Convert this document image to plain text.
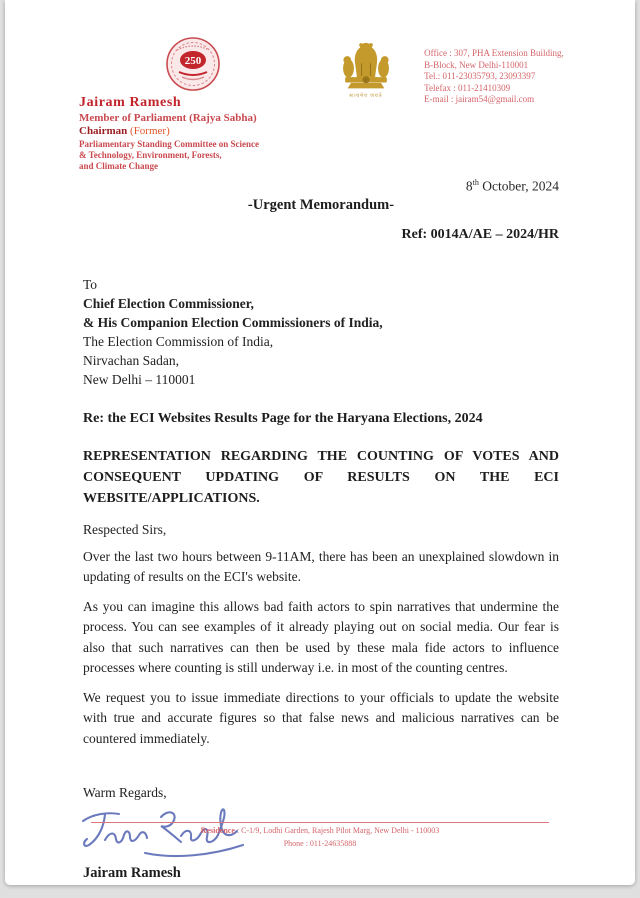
250
Jairam Ramesh
Member of Parliament (Rajya Sabha)
Chairman (Former)
Parliamentary Standing Committee on Science
& Technology, Environment, Forests,
and Climate Change
सत्यमेव जयते
Office : 307, PHA Extension Building,
B-Block, New Delhi-110001
Tel.: 011-23035793, 23093397
Telefax : 011-21410309
E-mail : jairam54@gmail.com
8th October, 2024
-Urgent Memorandum-
Ref: 0014A/AE – 2024/HR
To
Chief Election Commissioner,
& His Companion Election Commissioners of India,
The Election Commission of India,
Nirvachan Sadan,
New Delhi – 110001
Re: the ECI Websites Results Page for the Haryana Elections, 2024
REPRESENTATION REGARDING THE COUNTING OF VOTES AND CONSEQUENT UPDATING OF RESULTS ON THE ECI WEBSITE/APPLICATIONS.
Respected Sirs,
Over the last two hours between 9-11AM, there has been an unexplained slowdown in updating of results on the ECI's website.
As you can imagine this allows bad faith actors to spin narratives that undermine the process. You can see examples of it already playing out on social media. Our fear is also that such narratives can then be used by these mala fide actors to influence processes where counting is still underway i.e. in most of the counting centres.
We request you to issue immediate directions to your officials to update the website with true and accurate figures so that false news and malicious narratives can be countered immediately.
Warm Regards,
Jairam Ramesh
Residence : C-1/9, Lodhi Garden, Rajesh Pilot Marg, New Delhi - 110003
Phone : 011-24635888
